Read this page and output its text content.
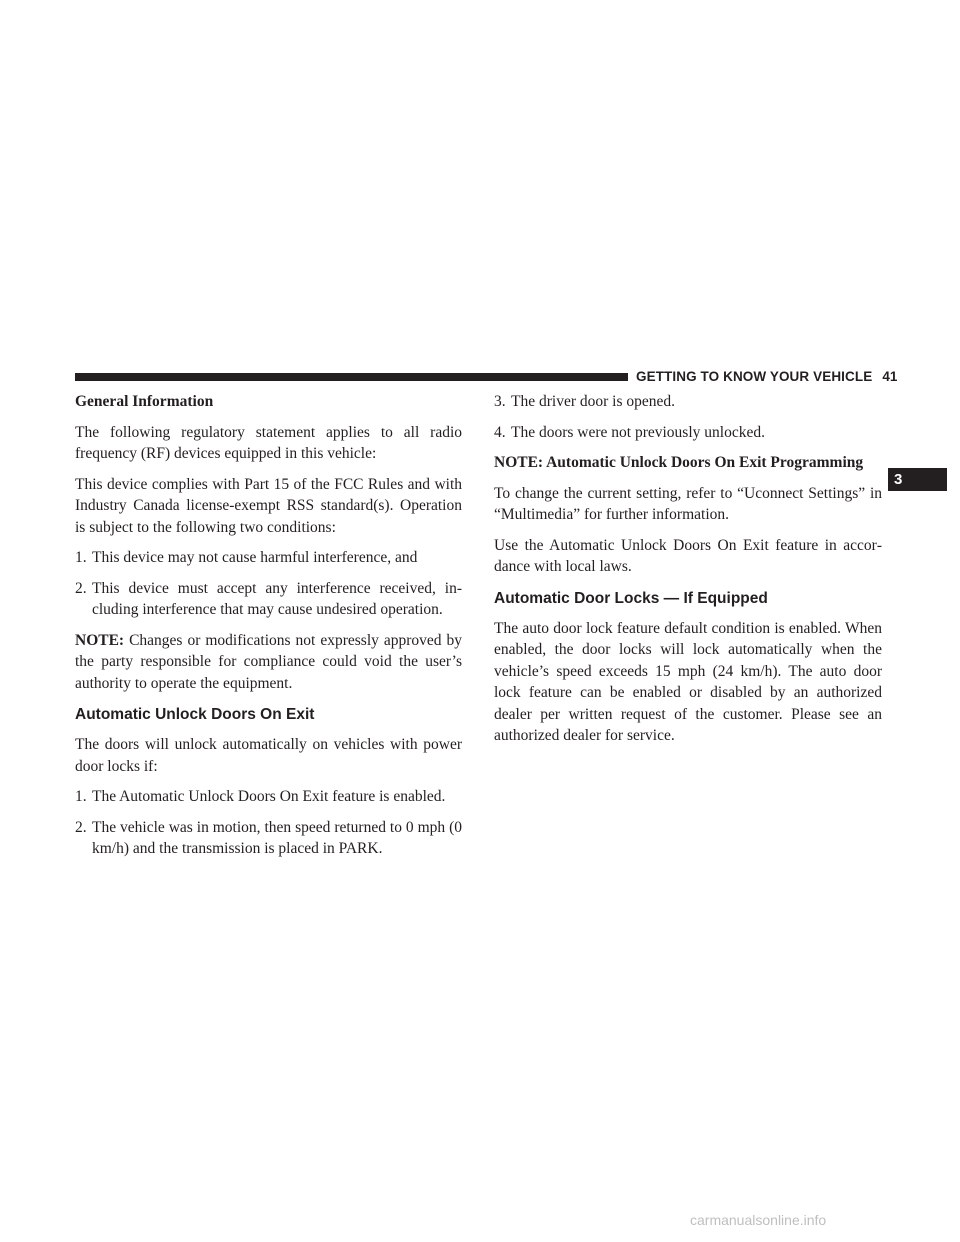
GETTING TO KNOW YOUR VEHICLE 41
3

General Information

The following regulatory statement applies to all radio frequency (RF) devices equipped in this vehicle:

This device complies with Part 15 of the FCC Rules and with Industry Canada license-exempt RSS standard(s). Operation is subject to the following two conditions:

1. This device may not cause harmful interference, and
2. This device must accept any interference received, including interference that may cause undesired operation.

NOTE: Changes or modifications not expressly approved by the party responsible for compliance could void the user’s authority to operate the equipment.

Automatic Unlock Doors On Exit

The doors will unlock automatically on vehicles with power door locks if:

1. The Automatic Unlock Doors On Exit feature is enabled.
2. The vehicle was in motion, then speed returned to 0 mph (0 km/h) and the transmission is placed in PARK.
3. The driver door is opened.
4. The doors were not previously unlocked.

NOTE: Automatic Unlock Doors On Exit Programming

To change the current setting, refer to “Uconnect Settings” in “Multimedia” for further information.

Use the Automatic Unlock Doors On Exit feature in accordance with local laws.

Automatic Door Locks — If Equipped

The auto door lock feature default condition is enabled. When enabled, the door locks will lock automatically when the vehicle’s speed exceeds 15 mph (24 km/h). The auto door lock feature can be enabled or disabled by an authorized dealer per written request of the customer. Please see an authorized dealer for service.

carmanualsonline.info
